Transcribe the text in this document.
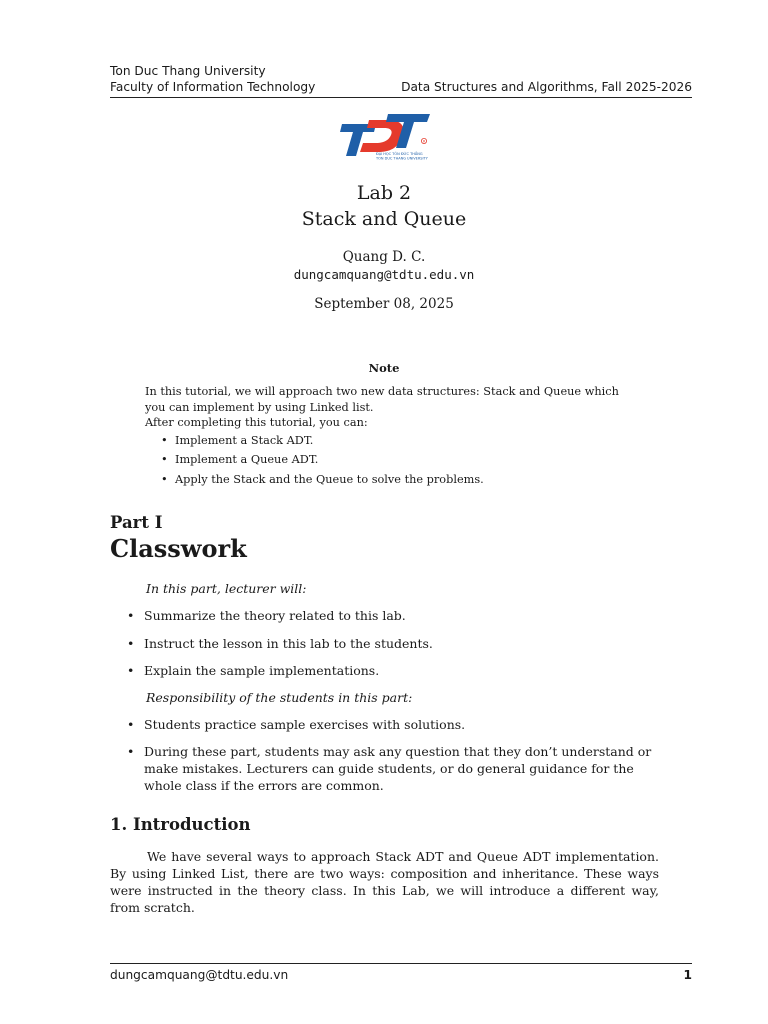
Ton Duc Thang University
Faculty of Information Technology	Data Structures and Algorithms, Fall 2025-2026
R
ĐẠI HỌC TÔN ĐỨC THẮNG
TON DUC THANG UNIVERSITY
Lab 2
Stack and Queue
Quang D. C.
dungcamquang@tdtu.edu.vn
September 08, 2025
Note

In this tutorial, we will approach two new data structures: Stack and Queue which

you can implement by using Linked list.

After completing this tutorial, you can:

• Implement a Stack ADT.
• Implement a Queue ADT.
• Apply the Stack and the Queue to solve the problems.
Part I
Classwork
In this part, lecturer will:
• Summarize the theory related to this lab.
• Instruct the lesson in this lab to the students.
• Explain the sample implementations.
Responsibility of the students in this part:
• Students practice sample exercises with solutions.
• During these part, students may ask any question that they don’t understand or make mistakes. Lecturers can guide students, or do general guidance for the whole class if the errors are common.
1. Introduction

We have several ways to approach Stack ADT and Queue ADT implementation. By using Linked List, there are two ways: composition and inheritance. These ways were instructed in the theory class. In this Lab, we will introduce a different way, from scratch.

dungcamquang@tdtu.edu.vn	1
